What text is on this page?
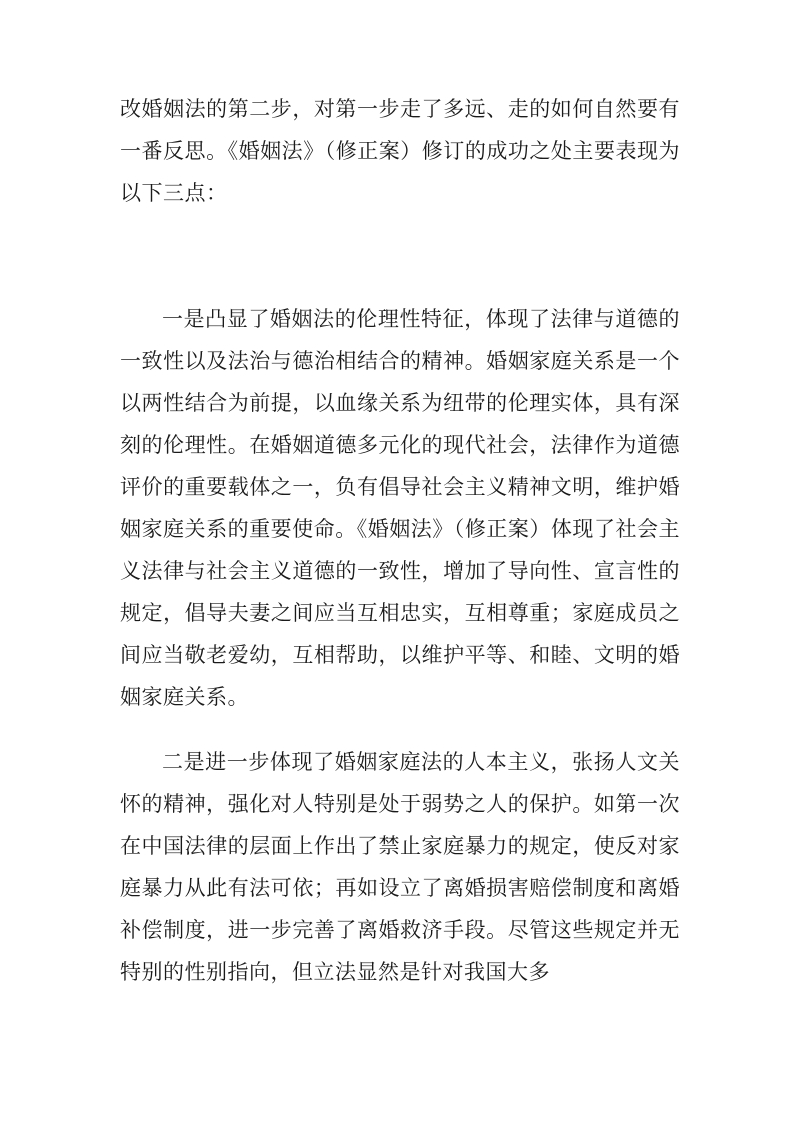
改婚姻法的第二步，对第一步走了多远、走的如何自然要有一番反思。《婚姻法》（修正案）修订的成功之处主要表现为以下三点：

一是凸显了婚姻法的伦理性特征，体现了法律与道德的一致性以及法治与德治相结合的精神。婚姻家庭关系是一个以两性结合为前提，以血缘关系为纽带的伦理实体，具有深刻的伦理性。在婚姻道德多元化的现代社会，法律作为道德评价的重要载体之一，负有倡导社会主义精神文明，维护婚姻家庭关系的重要使命。《婚姻法》（修正案）体现了社会主义法律与社会主义道德的一致性，增加了导向性、宣言性的规定，倡导夫妻之间应当互相忠实，互相尊重；家庭成员之间应当敬老爱幼，互相帮助，以维护平等、和睦、文明的婚姻家庭关系。

二是进一步体现了婚姻家庭法的人本主义，张扬人文关怀的精神，强化对人特别是处于弱势之人的保护。如第一次在中国法律的层面上作出了禁止家庭暴力的规定，使反对家庭暴力从此有法可依；再如设立了离婚损害赔偿制度和离婚补偿制度，进一步完善了离婚救济手段。尽管这些规定并无特别的性别指向，但立法显然是针对我国大多
